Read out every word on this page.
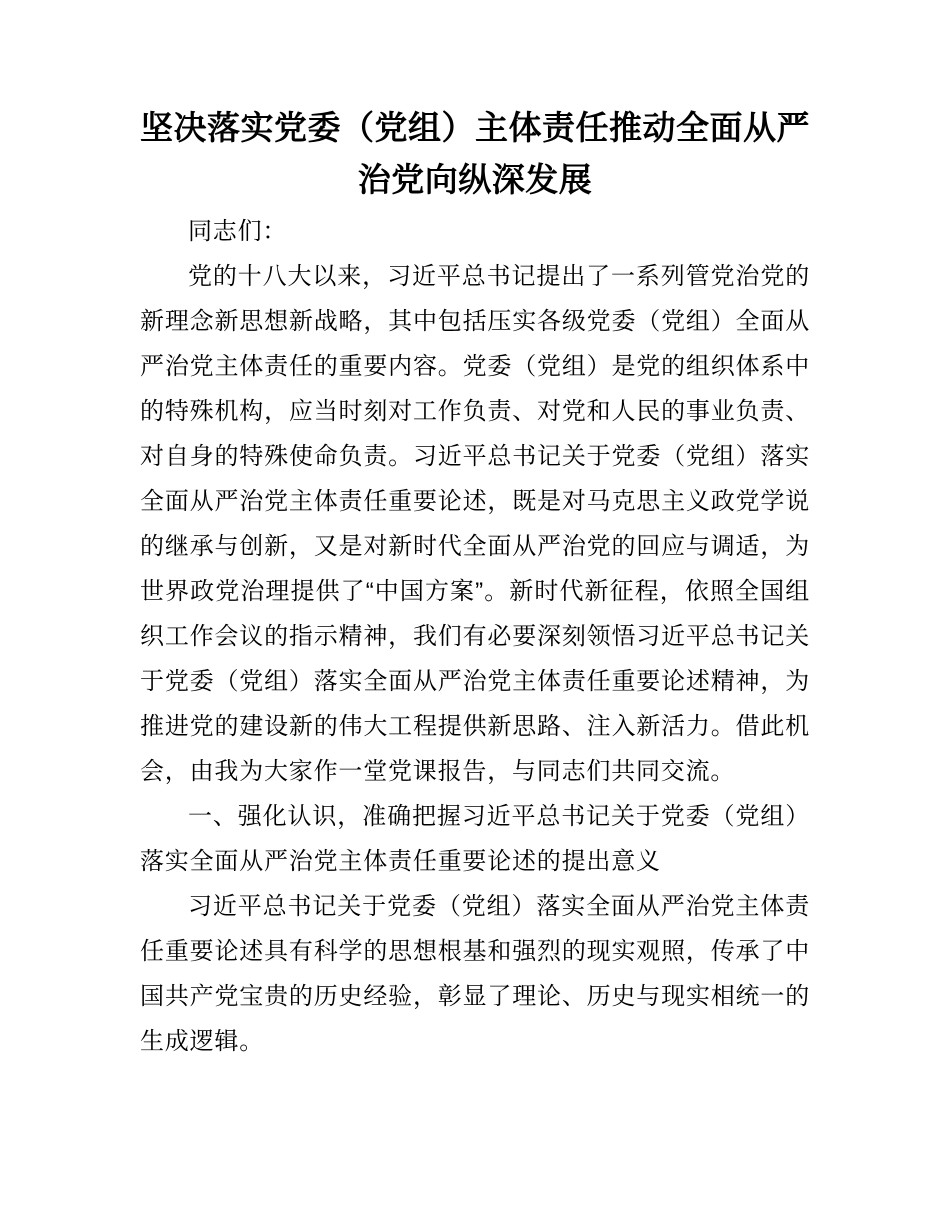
坚决落实党委（党组）主体责任推动全面从严治党向纵深发展

同志们：

党的十八大以来，习近平总书记提出了一系列管党治党的新理念新思想新战略，其中包括压实各级党委（党组）全面从严治党主体责任的重要内容。党委（党组）是党的组织体系中的特殊机构，应当时刻对工作负责、对党和人民的事业负责、对自身的特殊使命负责。习近平总书记关于党委（党组）落实全面从严治党主体责任重要论述，既是对马克思主义政党学说的继承与创新，又是对新时代全面从严治党的回应与调适，为世界政党治理提供了“中国方案”。新时代新征程，依照全国组织工作会议的指示精神，我们有必要深刻领悟习近平总书记关于党委（党组）落实全面从严治党主体责任重要论述精神，为推进党的建设新的伟大工程提供新思路、注入新活力。借此机会，由我为大家作一堂党课报告，与同志们共同交流。

一、强化认识，准确把握习近平总书记关于党委（党组）落实全面从严治党主体责任重要论述的提出意义

习近平总书记关于党委（党组）落实全面从严治党主体责任重要论述具有科学的思想根基和强烈的现实观照，传承了中国共产党宝贵的历史经验，彰显了理论、历史与现实相统一的生成逻辑。
